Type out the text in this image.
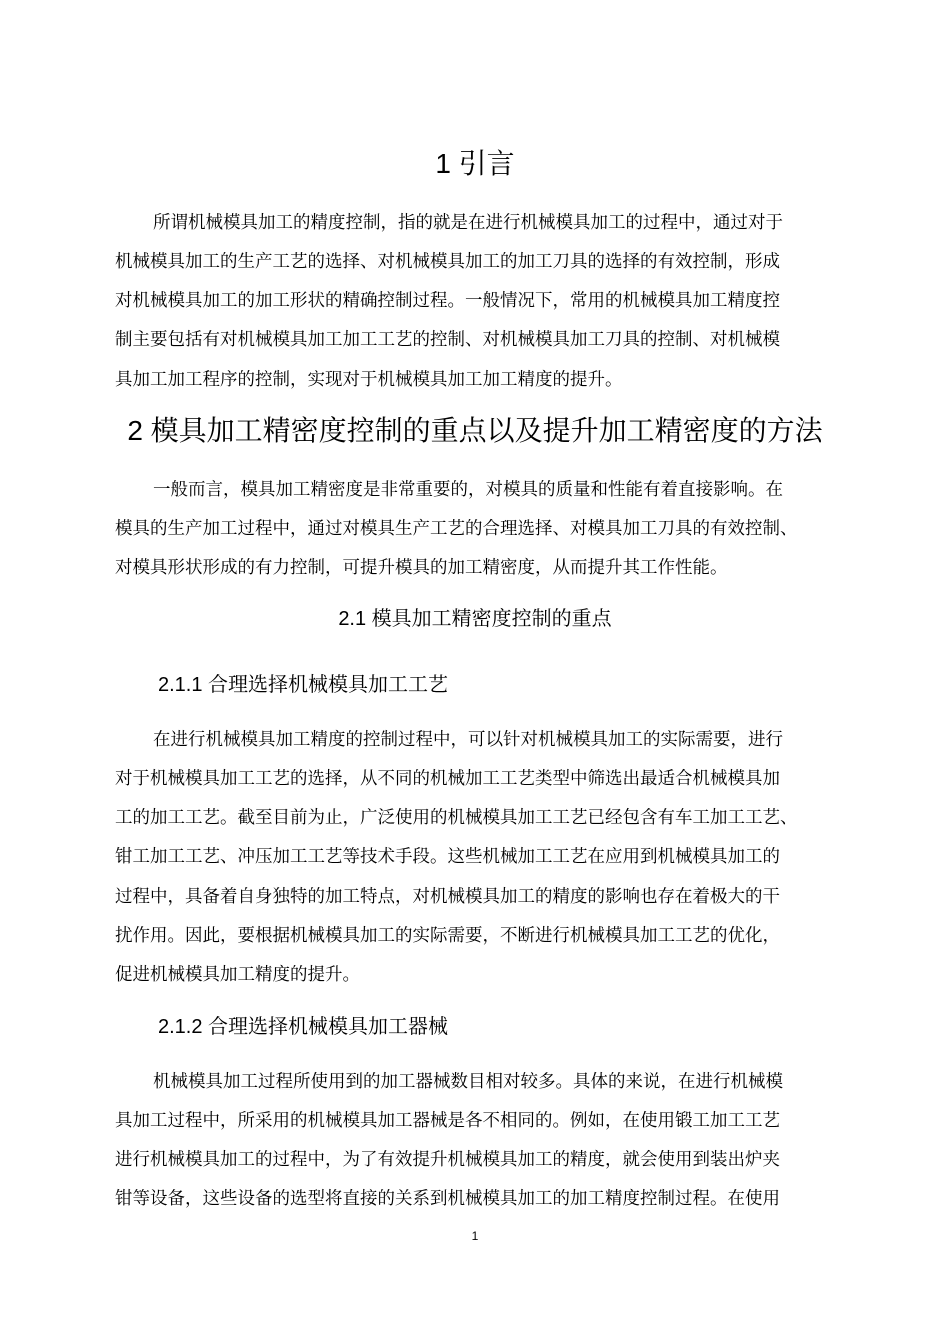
1 引言
所谓机械模具加工的精度控制，指的就是在进行机械模具加工的过程中，通过对于
机械模具加工的生产工艺的选择、对机械模具加工的加工刀具的选择的有效控制，形成
对机械模具加工的加工形状的精确控制过程。一般情况下，常用的机械模具加工精度控
制主要包括有对机械模具加工加工工艺的控制、对机械模具加工刀具的控制、对机械模
具加工加工程序的控制，实现对于机械模具加工加工精度的提升。
2 模具加工精密度控制的重点以及提升加工精密度的方法
一般而言，模具加工精密度是非常重要的，对模具的质量和性能有着直接影响。在
模具的生产加工过程中，通过对模具生产工艺的合理选择、对模具加工刀具的有效控制、
对模具形状形成的有力控制，可提升模具的加工精密度，从而提升其工作性能。
2.1 模具加工精密度控制的重点
2.1.1 合理选择机械模具加工工艺
在进行机械模具加工精度的控制过程中，可以针对机械模具加工的实际需要，进行
对于机械模具加工工艺的选择，从不同的机械加工工艺类型中筛选出最适合机械模具加
工的加工工艺。截至目前为止，广泛使用的机械模具加工工艺已经包含有车工加工工艺、
钳工加工工艺、冲压加工工艺等技术手段。这些机械加工工艺在应用到机械模具加工的
过程中，具备着自身独特的加工特点，对机械模具加工的精度的影响也存在着极大的干
扰作用。因此，要根据机械模具加工的实际需要，不断进行机械模具加工工艺的优化，
促进机械模具加工精度的提升。
2.1.2 合理选择机械模具加工器械
机械模具加工过程所使用到的加工器械数目相对较多。具体的来说，在进行机械模
具加工过程中，所采用的机械模具加工器械是各不相同的。例如，在使用锻工加工工艺
进行机械模具加工的过程中，为了有效提升机械模具加工的精度，就会使用到装出炉夹
钳等设备，这些设备的选型将直接的关系到机械模具加工的加工精度控制过程。在使用
1
